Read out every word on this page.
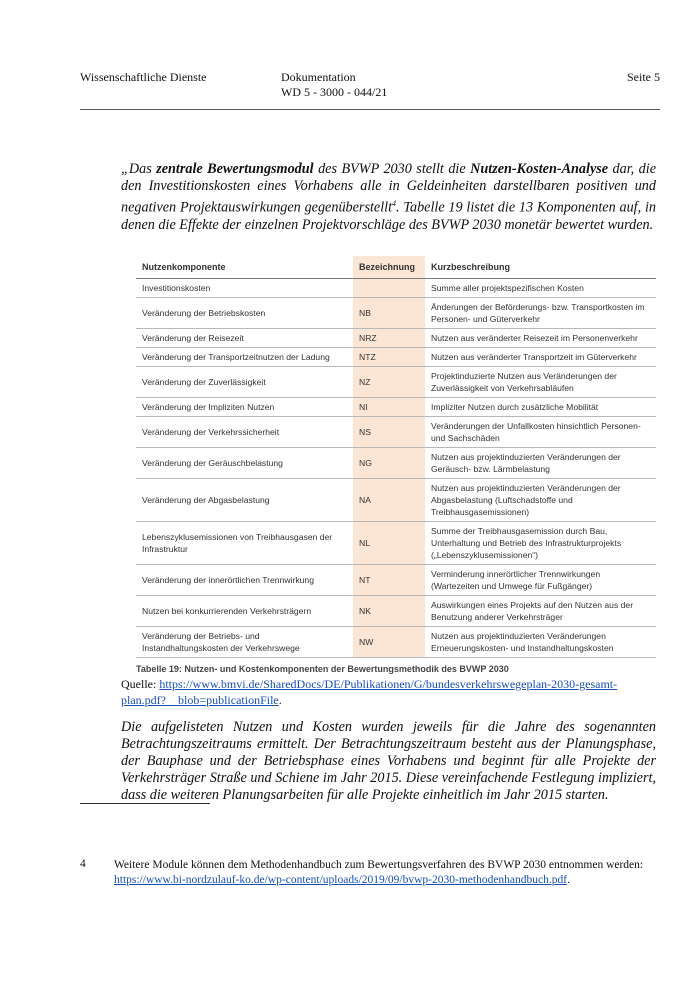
Wissenschaftliche Dienste	Dokumentation
WD 5 - 3000 - 044/21
Seite 5
„Das zentrale Bewertungsmodul des BVWP 2030 stellt die Nutzen-Kosten-Analyse dar, die den Investitionskosten eines Vorhabens alle in Geldeinheiten darstellbaren positiven und negativen Projektauswirkungen gegenüberstellt$^4$. Tabelle 19 listet die 13 Komponenten auf, in denen die Effekte der einzelnen Projektvorschläge des BVWP 2030 monetär bewertet wurden.
Nutzenkomponente	Bezeichnung	Kurzbeschreibung
Investitionskosten		Summe aller projektspezifischen Kosten
Veränderung der Betriebskosten	NB	Änderungen der Beförderungs- bzw. Transportkosten im Personen- und Güterverkehr
Veränderung der Reisezeit	NRZ	Nutzen aus veränderter Reisezeit im Personenverkehr
Veränderung der Transportzeitnutzen der Ladung	NTZ	Nutzen aus veränderter Transportzeit im Güterverkehr
Veränderung der Zuverlässigkeit	NZ	Projektinduzierte Nutzen aus Veränderungen der Zuverlässigkeit von Verkehrsabläufen
Veränderung der Impliziten Nutzen	NI	Impliziter Nutzen durch zusätzliche Mobilität
Veränderung der Verkehrssicherheit	NS	Veränderungen der Unfallkosten hinsichtlich Personen- und Sachschäden
Veränderung der Geräuschbelastung	NG	Nutzen aus projektinduzierten Veränderungen der Geräusch- bzw. Lärmbelastung
Veränderung der Abgasbelastung	NA	Nutzen aus projektinduzierten Veränderungen der Abgasbelastung (Luftschadstoffe und Treibhausgasemissionen)
Lebenszyklusemissionen von Treibhausgasen der Infrastruktur	NL	Summe der Treibhausgasemission durch Bau, Unterhaltung und Betrieb des Infrastrukturprojekts („Lebenszyklusemissionen“)
Veränderung der innerörtlichen Trennwirkung	NT	Verminderung innerörtlicher Trennwirkungen (Wartezeiten und Umwege für Fußgänger)
Nutzen bei konkurrierenden Verkehrsträgern	NK	Auswirkungen eines Projekts auf den Nutzen aus der Benutzung anderer Verkehrsträger
Veränderung der Betriebs- und Instandhaltungskosten der Verkehrswege	NW	Nutzen aus projektinduzierten Veränderungen Erneuerungskosten- und Instandhaltungskosten
Tabelle 19: Nutzen- und Kostenkomponenten der Bewertungsmethodik des BVWP 2030
Quelle: https://www.bmvi.de/SharedDocs/DE/Publikationen/G/bundesverkehrswegeplan-2030-gesamt-plan.pdf?__blob=publicationFile.
Die aufgelisteten Nutzen und Kosten wurden jeweils für die Jahre des sogenannten Betrachtungszeitraums ermittelt. Der Betrachtungszeitraum besteht aus der Planungsphase, der Bauphase und der Betriebsphase eines Vorhabens und beginnt für alle Projekte der Verkehrsträger Straße und Schiene im Jahr 2015. Diese vereinfachende Festlegung impliziert, dass die weiteren Planungsarbeiten für alle Projekte einheitlich im Jahr 2015 starten.
4 Weitere Module können dem Methodenhandbuch zum Bewertungsverfahren des BVWP 2030 entnommen werden: https://www.bi-nordzulauf-ko.de/wp-content/uploads/2019/09/bvwp-2030-methodenhandbuch.pdf.
